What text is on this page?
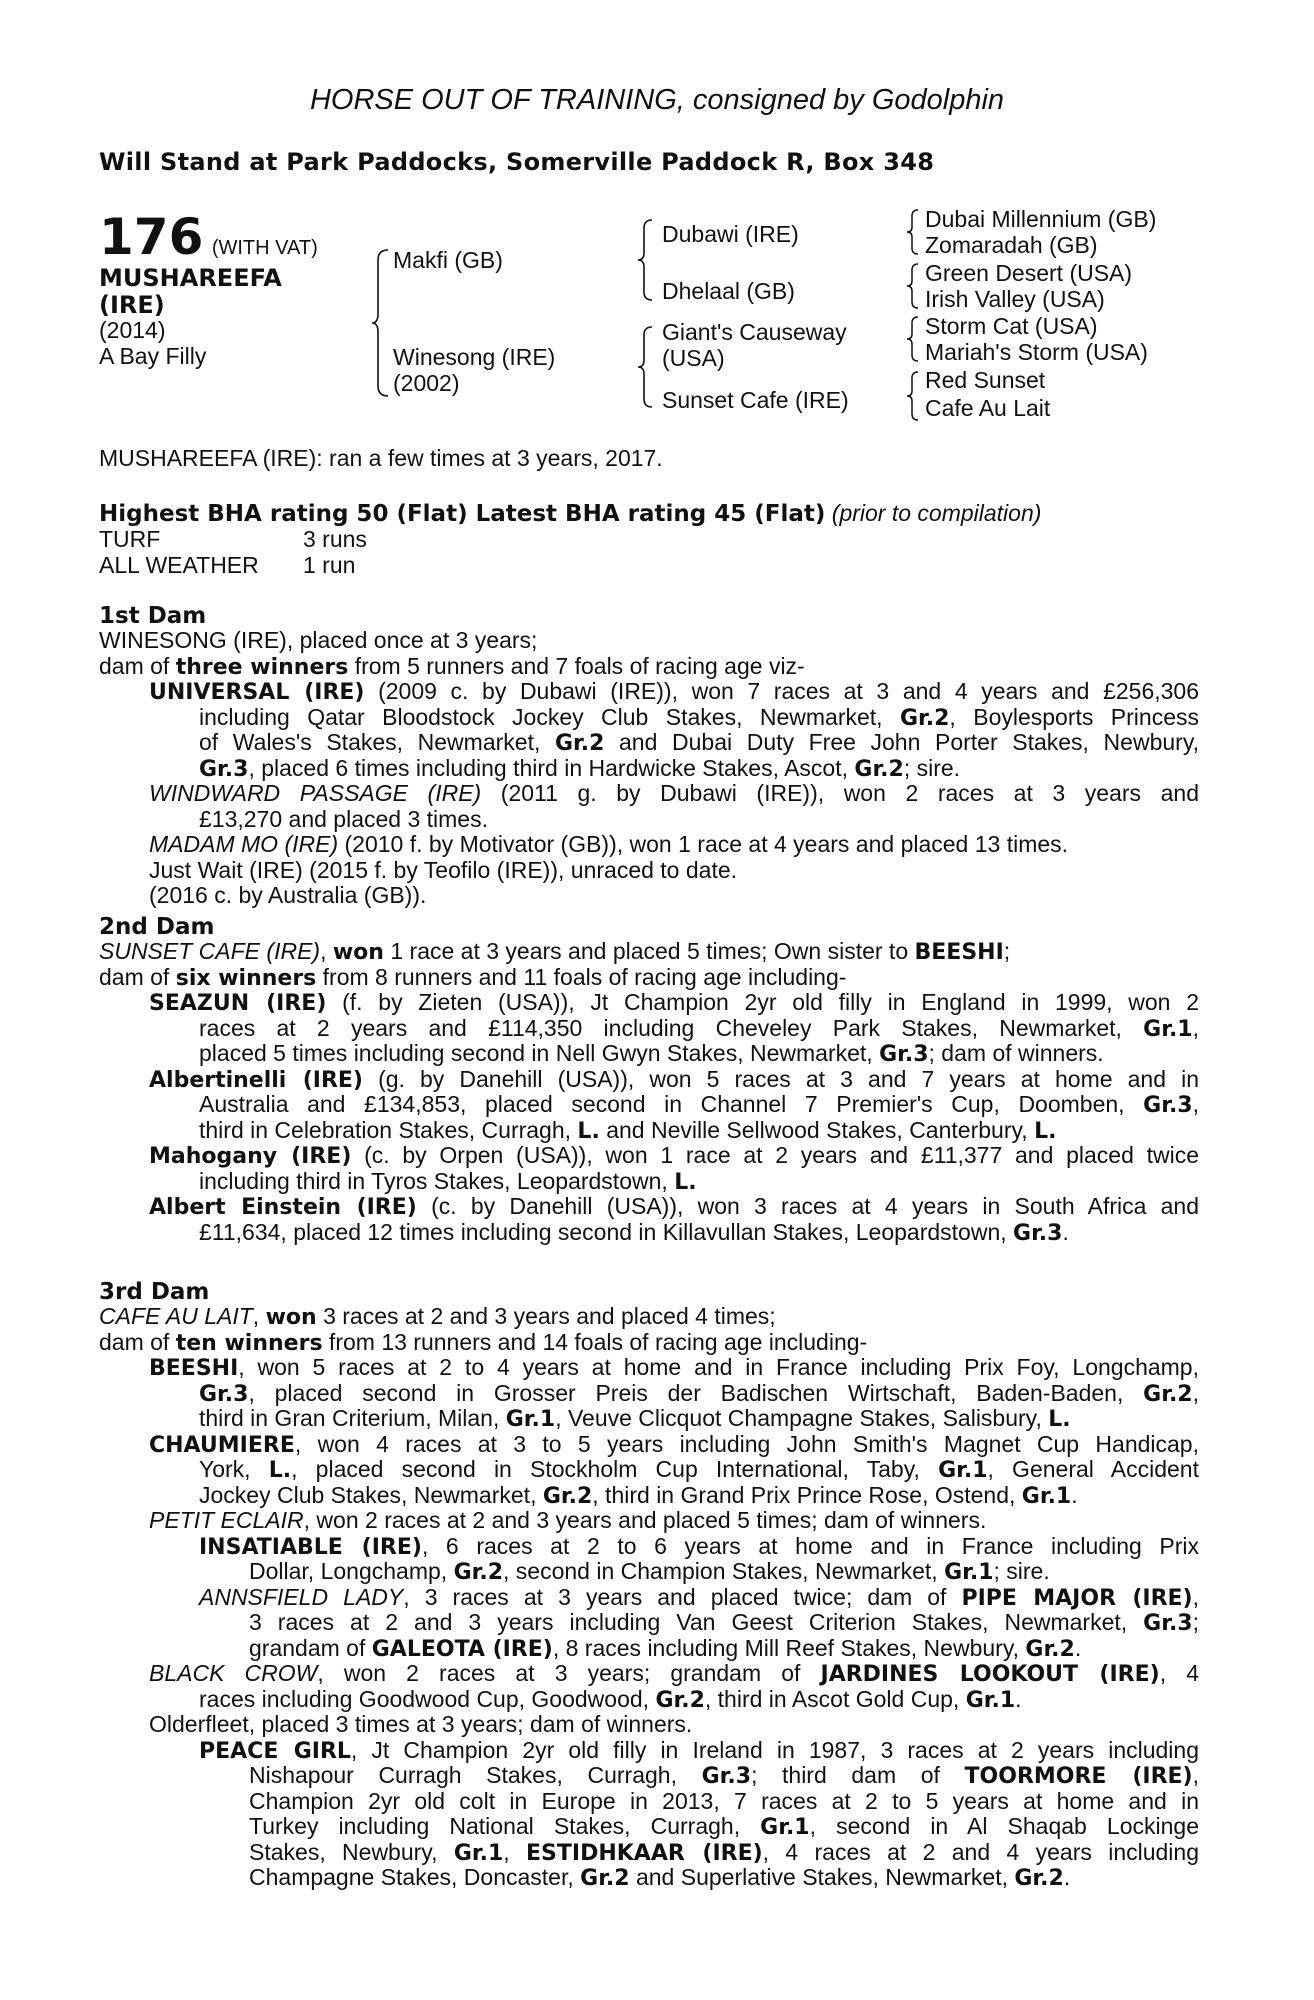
HORSE OUT OF TRAINING, consigned by Godolphin
Will Stand at Park Paddocks, Somerville Paddock R, Box 348
176 (WITH VAT)
MUSHAREEFA
(IRE)
(2014)
A Bay Filly
Makfi (GB)
Winesong (IRE)
(2002)
Dubawi (IRE)
Dhelaal (GB)
Giant's Causeway
(USA)
Sunset Cafe (IRE)
Dubai Millennium (GB)
Zomaradah (GB)
Green Desert (USA)
Irish Valley (USA)
Storm Cat (USA)
Mariah's Storm (USA)
Red Sunset
Cafe Au Lait
MUSHAREEFA (IRE): ran a few times at 3 years, 2017.
Highest BHA rating 50 (Flat) Latest BHA rating 45 (Flat) (prior to compilation)
TURF	3 runs
ALL WEATHER 1 run
1st Dam
WINESONG (IRE), placed once at 3 years;
dam of three winners from 5 runners and 7 foals of racing age viz-
UNIVERSAL (IRE) (2009 c. by Dubawi (IRE)), won 7 races at 3 and 4 years and £256,306
including Qatar Bloodstock Jockey Club Stakes, Newmarket, Gr.2, Boylesports Princess
of Wales's Stakes, Newmarket, Gr.2 and Dubai Duty Free John Porter Stakes, Newbury,
Gr.3, placed 6 times including third in Hardwicke Stakes, Ascot, Gr.2; sire.
WINDWARD PASSAGE (IRE) (2011 g. by Dubawi (IRE)), won 2 races at 3 years and
£13,270 and placed 3 times.
MADAM MO (IRE) (2010 f. by Motivator (GB)), won 1 race at 4 years and placed 13 times.
Just Wait (IRE) (2015 f. by Teofilo (IRE)), unraced to date.
(2016 c. by Australia (GB)).
2nd Dam
SUNSET CAFE (IRE), won 1 race at 3 years and placed 5 times; Own sister to BEESHI;
dam of six winners from 8 runners and 11 foals of racing age including-
SEAZUN (IRE) (f. by Zieten (USA)), Jt Champion 2yr old filly in England in 1999, won 2
races at 2 years and £114,350 including Cheveley Park Stakes, Newmarket, Gr.1,
placed 5 times including second in Nell Gwyn Stakes, Newmarket, Gr.3; dam of winners.
Albertinelli (IRE) (g. by Danehill (USA)), won 5 races at 3 and 7 years at home and in
Australia and £134,853, placed second in Channel 7 Premier's Cup, Doomben, Gr.3,
third in Celebration Stakes, Curragh, L. and Neville Sellwood Stakes, Canterbury, L.
Mahogany (IRE) (c. by Orpen (USA)), won 1 race at 2 years and £11,377 and placed twice
including third in Tyros Stakes, Leopardstown, L.
Albert Einstein (IRE) (c. by Danehill (USA)), won 3 races at 4 years in South Africa and
£11,634, placed 12 times including second in Killavullan Stakes, Leopardstown, Gr.3.
3rd Dam
CAFE AU LAIT, won 3 races at 2 and 3 years and placed 4 times;
dam of ten winners from 13 runners and 14 foals of racing age including-
BEESHI, won 5 races at 2 to 4 years at home and in France including Prix Foy, Longchamp,
Gr.3, placed second in Grosser Preis der Badischen Wirtschaft, Baden-Baden, Gr.2,
third in Gran Criterium, Milan, Gr.1, Veuve Clicquot Champagne Stakes, Salisbury, L.
CHAUMIERE, won 4 races at 3 to 5 years including John Smith's Magnet Cup Handicap,
York, L., placed second in Stockholm Cup International, Taby, Gr.1, General Accident
Jockey Club Stakes, Newmarket, Gr.2, third in Grand Prix Prince Rose, Ostend, Gr.1.
PETIT ECLAIR, won 2 races at 2 and 3 years and placed 5 times; dam of winners.
INSATIABLE (IRE), 6 races at 2 to 6 years at home and in France including Prix
Dollar, Longchamp, Gr.2, second in Champion Stakes, Newmarket, Gr.1; sire.
ANNSFIELD LADY, 3 races at 3 years and placed twice; dam of PIPE MAJOR (IRE),
3 races at 2 and 3 years including Van Geest Criterion Stakes, Newmarket, Gr.3;
grandam of GALEOTA (IRE), 8 races including Mill Reef Stakes, Newbury, Gr.2.
BLACK CROW, won 2 races at 3 years; grandam of JARDINES LOOKOUT (IRE), 4
races including Goodwood Cup, Goodwood, Gr.2, third in Ascot Gold Cup, Gr.1.
Olderfleet, placed 3 times at 3 years; dam of winners.
PEACE GIRL, Jt Champion 2yr old filly in Ireland in 1987, 3 races at 2 years including
Nishapour Curragh Stakes, Curragh, Gr.3; third dam of TOORMORE (IRE),
Champion 2yr old colt in Europe in 2013, 7 races at 2 to 5 years at home and in
Turkey including National Stakes, Curragh, Gr.1, second in Al Shaqab Lockinge
Stakes, Newbury, Gr.1, ESTIDHKAAR (IRE), 4 races at 2 and 4 years including
Champagne Stakes, Doncaster, Gr.2 and Superlative Stakes, Newmarket, Gr.2.
